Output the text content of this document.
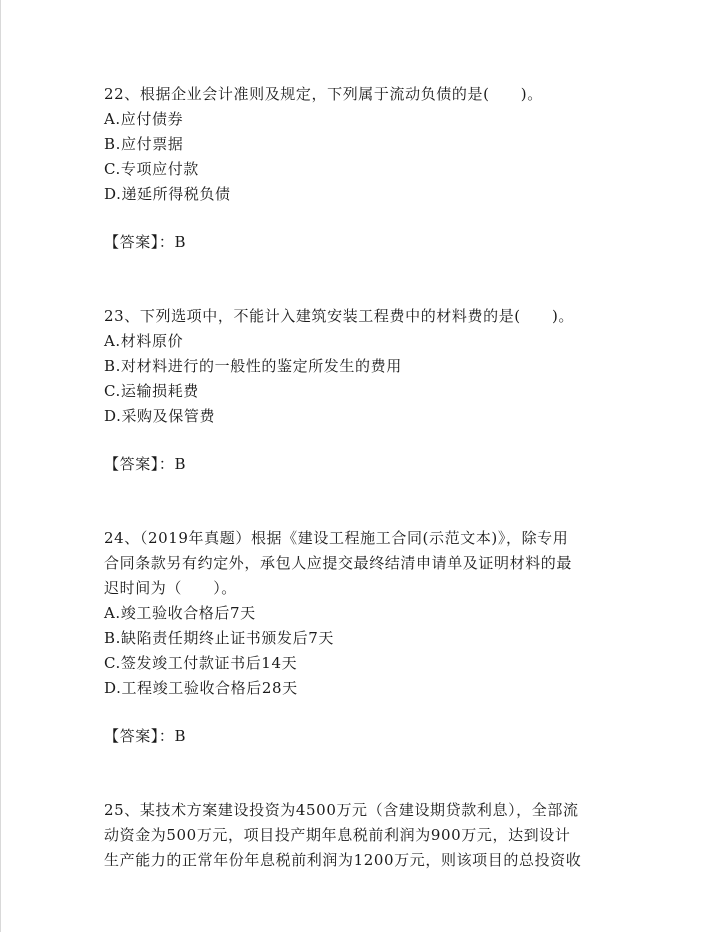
22、根据企业会计准则及规定，下列属于流动负债的是(　　)。

A.应付债券

B.应付票据

C.专项应付款

D.递延所得税负债

【答案】：B

23、下列选项中，不能计入建筑安装工程费中的材料费的是(　　)。

A.材料原价

B.对材料进行的一般性的鉴定所发生的费用

C.运输损耗费

D.采购及保管费

【答案】：B

24、（2019年真题）根据《建设工程施工合同(示范文本)》，除专用

合同条款另有约定外，承包人应提交最终结清申请单及证明材料的最

迟时间为（　　）。

A.竣工验收合格后7天

B.缺陷责任期终止证书颁发后7天

C.签发竣工付款证书后14天

D.工程竣工验收合格后28天

【答案】：B

25、某技术方案建设投资为4500万元（含建设期贷款利息），全部流

动资金为500万元，项目投产期年息税前利润为900万元，达到设计

生产能力的正常年份年息税前利润为1200万元，则该项目的总投资收
